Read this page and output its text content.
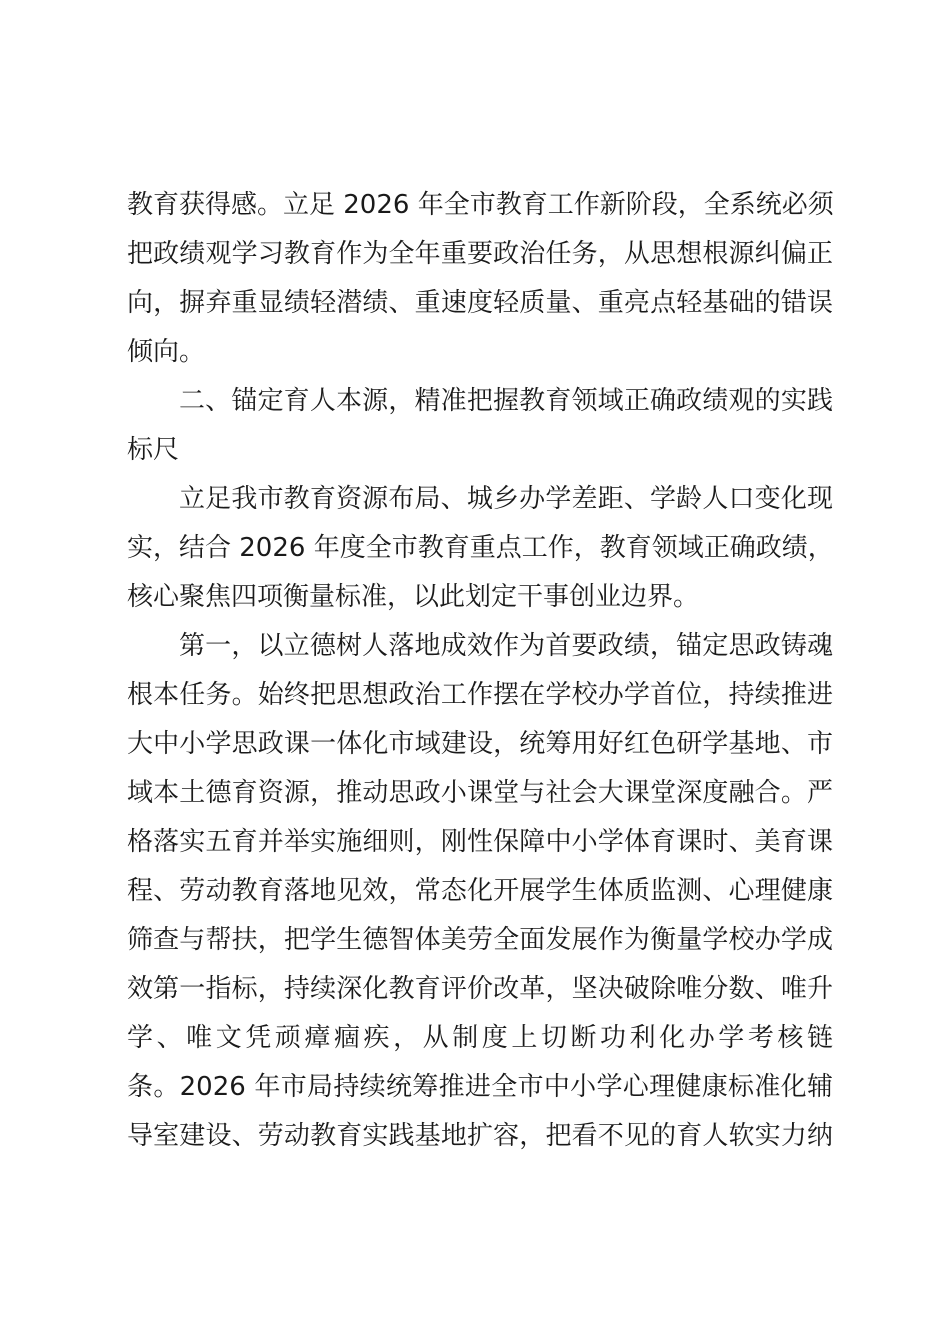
教育获得感。立足 2026 年全市教育工作新阶段，全系统必须
把政绩观学习教育作为全年重要政治任务，从思想根源纠偏正
向，摒弃重显绩轻潜绩、重速度轻质量、重亮点轻基础的错误
倾向。
二、锚定育人本源，精准把握教育领域正确政绩观的实践
标尺
立足我市教育资源布局、城乡办学差距、学龄人口变化现
实，结合 2026 年度全市教育重点工作，教育领域正确政绩，
核心聚焦四项衡量标准，以此划定干事创业边界。
第一，以立德树人落地成效作为首要政绩，锚定思政铸魂
根本任务。始终把思想政治工作摆在学校办学首位，持续推进
大中小学思政课一体化市域建设，统筹用好红色研学基地、市
域本土德育资源，推动思政小课堂与社会大课堂深度融合。严
格落实五育并举实施细则，刚性保障中小学体育课时、美育课
程、劳动教育落地见效，常态化开展学生体质监测、心理健康
筛查与帮扶，把学生德智体美劳全面发展作为衡量学校办学成
效第一指标，持续深化教育评价改革，坚决破除唯分数、唯升
学、唯文凭顽瘴痼疾，从制度上切断功利化办学考核链
条。2026 年市局持续统筹推进全市中小学心理健康标准化辅
导室建设、劳动教育实践基地扩容，把看不见的育人软实力纳
